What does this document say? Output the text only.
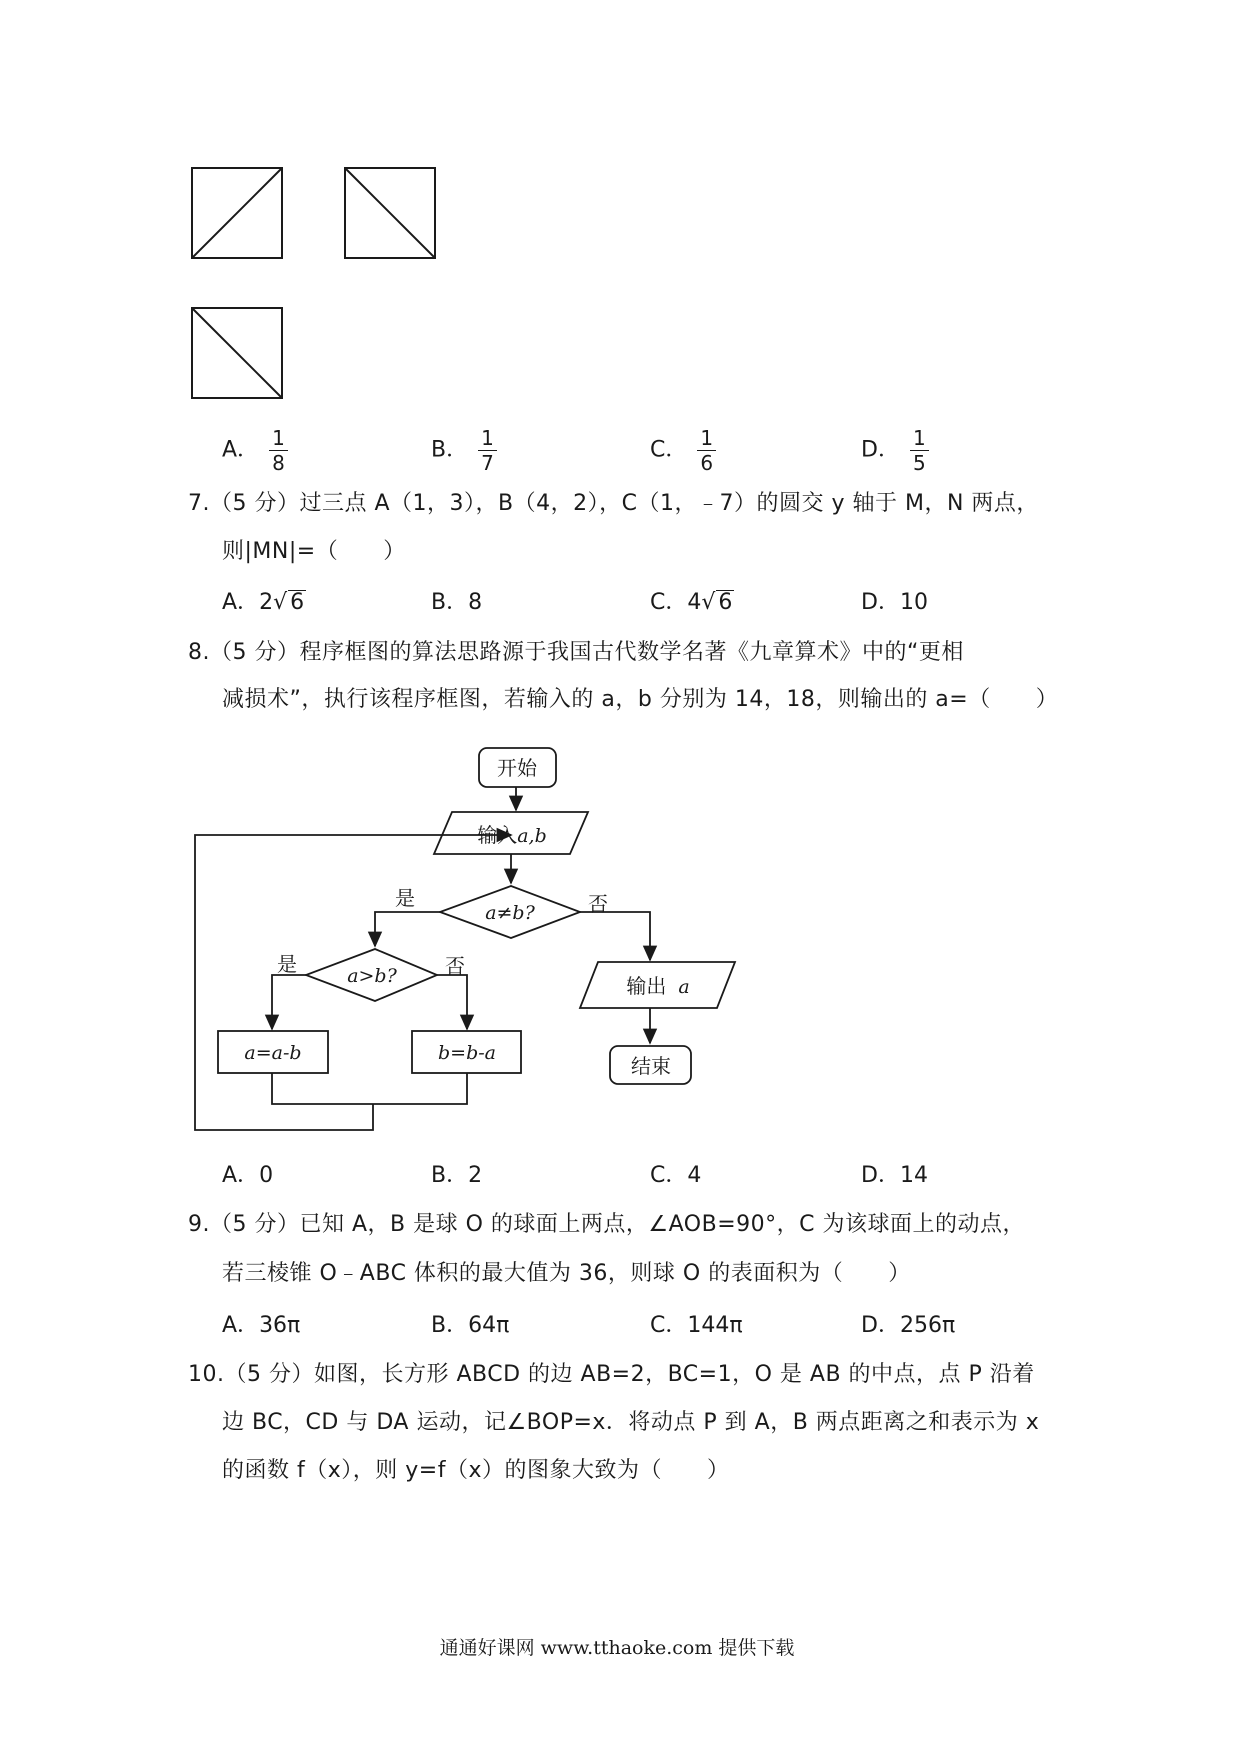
A． $\frac{1}{8}$	B． $\frac{1}{7}$	C． $\frac{1}{6}$	D． $\frac{1}{5}$
7.（5 分）过三点 A（1，3），B（4，2），C（1，﹣7）的圆交 y 轴于 M，N 两点，
则|MN|=（　　）
A．2√ 6	B．8	C．4√ 6	D．10
8.（5 分）程序框图的算法思路源于我国古代数学名著《九章算术》中的“更相
减损术”，执行该程序框图，若输入的 a，b 分别为 14，18，则输出的 a=（　　）
开始
输入a,b
是	否
a≠b?
是	否
a>b?
a=a-b	b=b-a
输出 a
结束
A．0	B．2	C．4	D．14
9.（5 分）已知 A，B 是球 O 的球面上两点，∠AOB=90°，C 为该球面上的动点，
若三棱锥 O﹣ABC 体积的最大值为 36，则球 O 的表面积为（　　）
A．36π	B．64π	C．144π	D．256π
10.（5 分）如图，长方形 ABCD 的边 AB=2，BC=1，O 是 AB 的中点，点 P 沿着
边 BC，CD 与 DA 运动，记∠BOP=x．将动点 P 到 A，B 两点距离之和表示为 x
的函数 f（x），则 y=f（x）的图象大致为（　　）
通通好课网 www.tthaoke.com 提供下载
